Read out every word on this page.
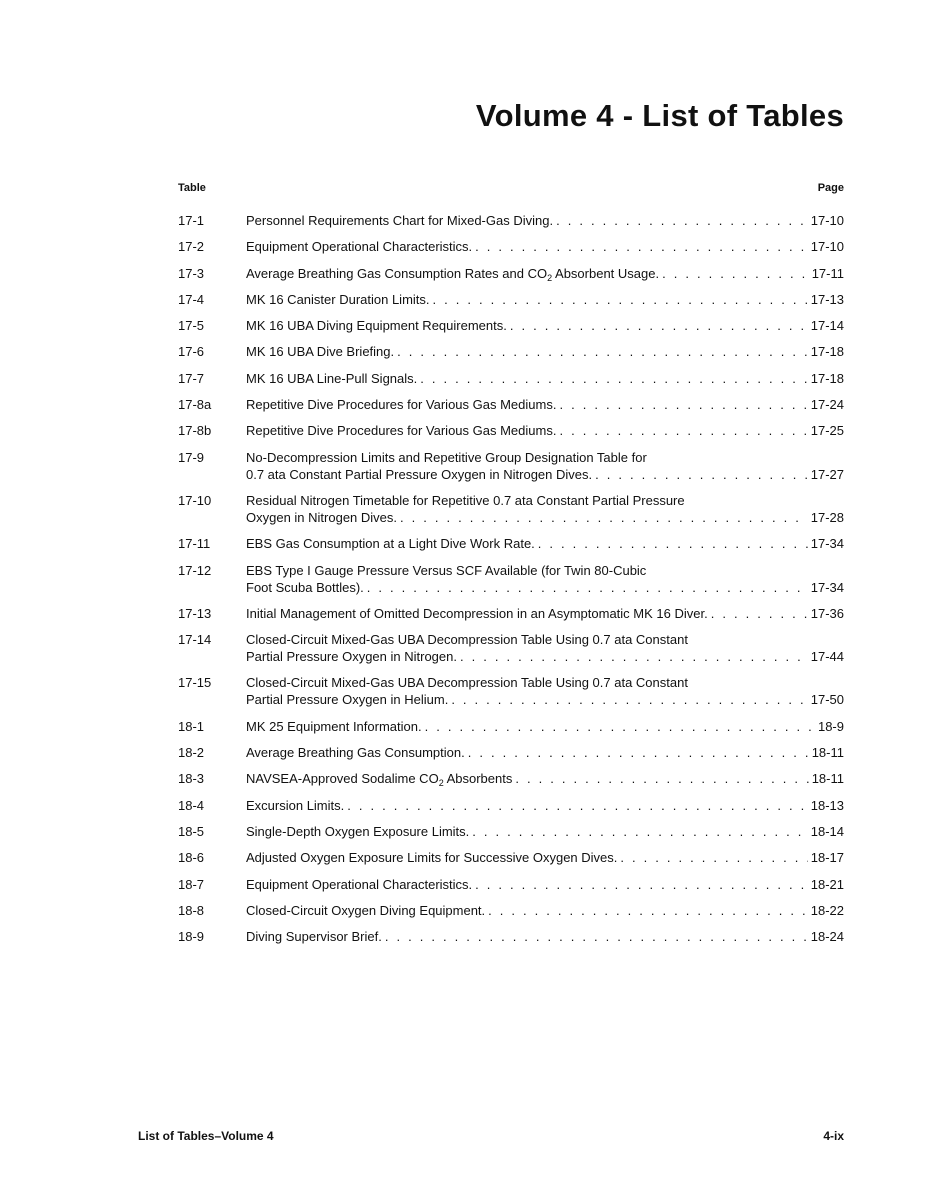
Volume 4 - List of Tables
Table	Page
17-1	Personnel Requirements Chart for Mixed-Gas Diving. . . .	17-10
17-2	Equipment Operational Characteristics. . . .	17-10
17-3	Average Breathing Gas Consumption Rates and $CO_2$ Absorbent Usage. . . .	17-11
17-4	MK 16 Canister Duration Limits. . . .	17-13
17-5	MK 16 UBA Diving Equipment Requirements. . . .	17-14
17-6	MK 16 UBA Dive Briefing. . . .	17-18
17-7	MK 16 UBA Line-Pull Signals. . . .	17-18
17-8a	Repetitive Dive Procedures for Various Gas Mediums. . . .	17-24
17-8b	Repetitive Dive Procedures for Various Gas Mediums. . . .	17-25
17-9	No-Decompression Limits and Repetitive Group Designation Table for
0.7 ata Constant Partial Pressure Oxygen in Nitrogen Dives. . . .	17-27
17-10	Residual Nitrogen Timetable for Repetitive 0.7 ata Constant Partial Pressure
Oxygen in Nitrogen Dives. . . .	17-28
17-11	EBS Gas Consumption at a Light Dive Work Rate. . . .	17-34
17-12	EBS Type I Gauge Pressure Versus SCF Available (for Twin 80-Cubic
Foot Scuba Bottles). . . .	17-34
17-13	Initial Management of Omitted Decompression in an Asymptomatic MK 16 Diver. . . .	17-36
17-14	Closed-Circuit Mixed-Gas UBA Decompression Table Using 0.7 ata Constant
Partial Pressure Oxygen in Nitrogen. . . .	17-44
17-15	Closed-Circuit Mixed-Gas UBA Decompression Table Using 0.7 ata Constant
Partial Pressure Oxygen in Helium. . . .	17-50
18-1	MK 25 Equipment Information. . . .	18-9
18-2	Average Breathing Gas Consumption. . . .	18-11
18-3	NAVSEA-Approved Sodalime $CO_2$ Absorbents . . .	18-11
18-4	Excursion Limits. . . .	18-13
18-5	Single-Depth Oxygen Exposure Limits. . . .	18-14
18-6	Adjusted Oxygen Exposure Limits for Successive Oxygen Dives. . . .	18-17
18-7	Equipment Operational Characteristics. . . .	18-21
18-8	Closed-Circuit Oxygen Diving Equipment. . . .	18-22
18-9	Diving Supervisor Brief. . . .	18-24
List of Tables–Volume 4	4-ix
